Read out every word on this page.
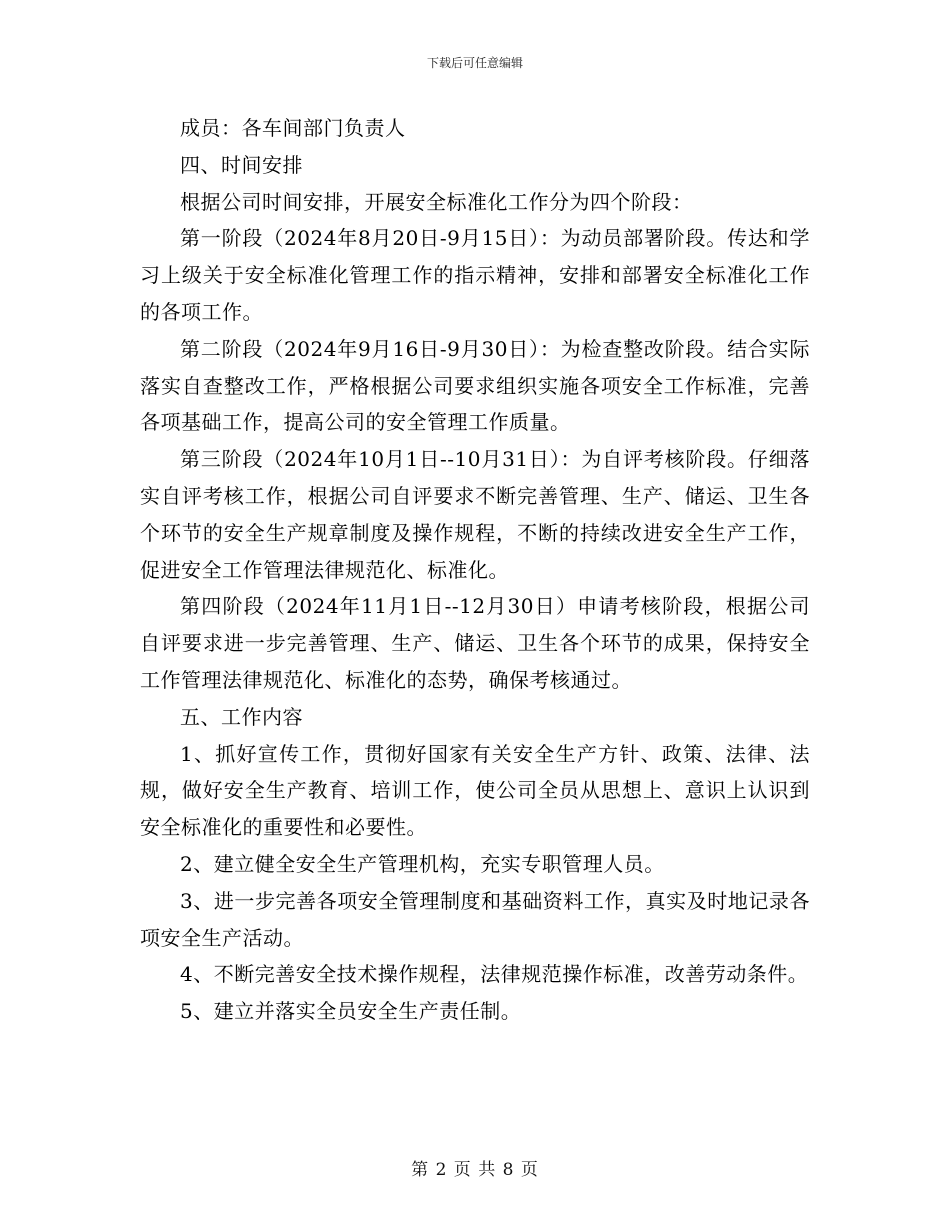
下载后可任意编辑

成员：各车间部门负责人

四、时间安排

根据公司时间安排，开展安全标准化工作分为四个阶段：

第一阶段（2024年8月20日-9月15日）：为动员部署阶段。传达和学习上级关于安全标准化管理工作的指示精神，安排和部署安全标准化工作的各项工作。

第二阶段（2024年9月16日-9月30日）：为检查整改阶段。结合实际落实自查整改工作，严格根据公司要求组织实施各项安全工作标准，完善各项基础工作，提高公司的安全管理工作质量。

第三阶段（2024年10月1日--10月31日）：为自评考核阶段。仔细落实自评考核工作，根据公司自评要求不断完善管理、生产、储运、卫生各个环节的安全生产规章制度及操作规程，不断的持续改进安全生产工作，促进安全工作管理法律规范化、标准化。

第四阶段（2024年11月1日--12月30日）申请考核阶段，根据公司自评要求进一步完善管理、生产、储运、卫生各个环节的成果，保持安全工作管理法律规范化、标准化的态势，确保考核通过。

五、工作内容

1、抓好宣传工作，贯彻好国家有关安全生产方针、政策、法律、法规，做好安全生产教育、培训工作，使公司全员从思想上、意识上认识到安全标准化的重要性和必要性。

2、建立健全安全生产管理机构，充实专职管理人员。

3、进一步完善各项安全管理制度和基础资料工作，真实及时地记录各项安全生产活动。

4、不断完善安全技术操作规程，法律规范操作标准，改善劳动条件。

5、建立并落实全员安全生产责任制。

第 2 页 共 8 页
